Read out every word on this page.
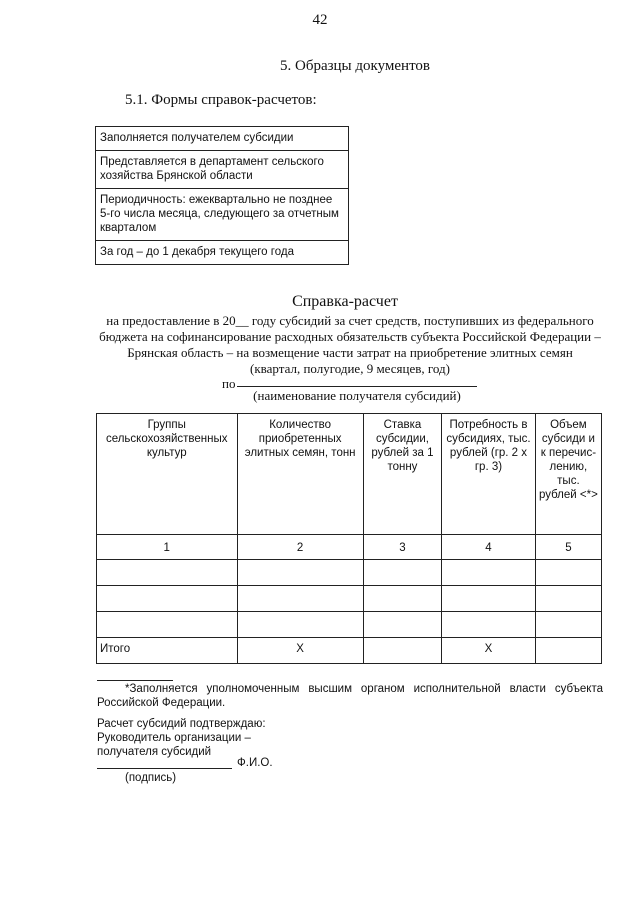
42
5. Образцы документов
5.1. Формы справок-расчетов:
Заполняется получателем субсидии
Представляется в департамент сельского хозяйства Брянской области
Периодичность: ежеквартально не позднее 5-го числа месяца, следующего за отчетным кварталом
За год – до 1 декабря текущего года
Справка-расчет
на предоставление в 20__ году субсидий за счет средств, поступивших из федерального бюджета на софинансирование расходных обязательств субъекта Российской Федерации – Брянская область – на возмещение части затрат на приобретение элитных семян
(квартал, полугодие, 9 месяцев, год)
по
(наименование получателя субсидий)
Группы сельскохозяйственных культур	Количество приобретенных элитных семян, тонн	Ставка субсидии, рублей за 1 тонну	Потребность в субсидиях, тыс. рублей (гр. 2 х гр. 3)	Объем субсиди и к перечис-лению, тыс. рублей <*>
1	2	3	4	5

Итого	X		X	
*Заполняется уполномоченным высшим органом исполнительной власти субъекта Российской Федерации.
Расчет субсидий подтверждаю:
Руководитель организации –
получателя субсидий
Ф.И.О.
(подпись)
